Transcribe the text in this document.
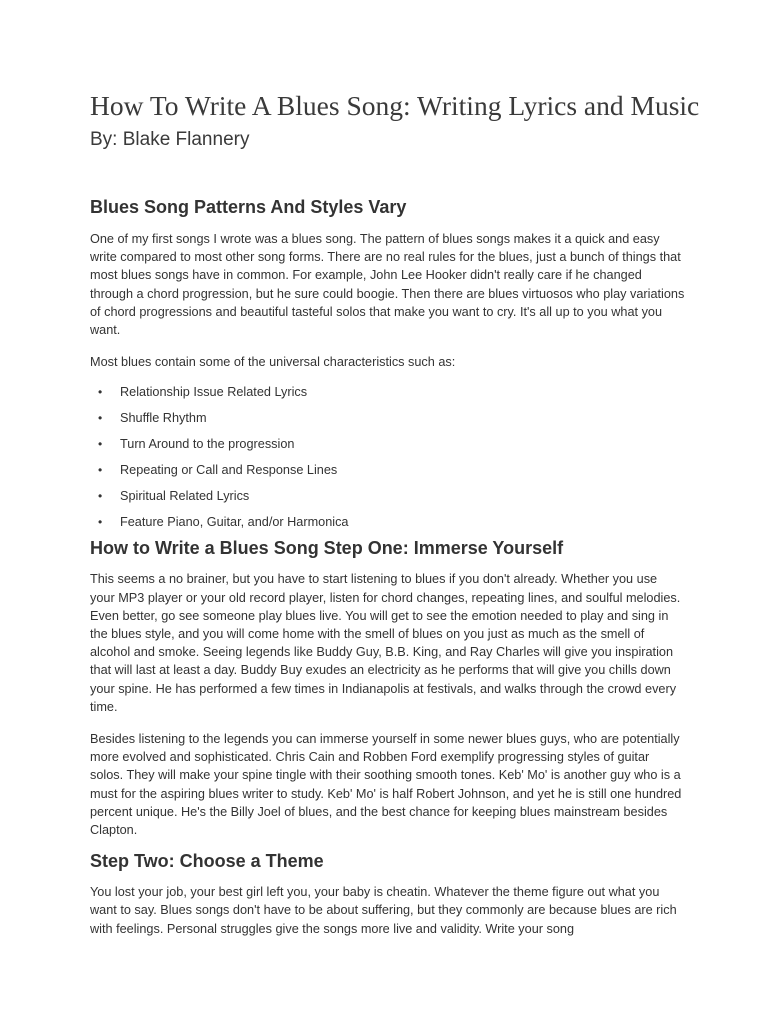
How To Write A Blues Song: Writing Lyrics and Music

By: Blake Flannery

Blues Song Patterns And Styles Vary

One of my first songs I wrote was a blues song. The pattern of blues songs makes it a quick and easy write compared to most other song forms. There are no real rules for the blues, just a bunch of things that most blues songs have in common. For example, John Lee Hooker didn't really care if he changed through a chord progression, but he sure could boogie. Then there are blues virtuosos who play variations of chord progressions and beautiful tasteful solos that make you want to cry. It's all up to you what you want.

Most blues contain some of the universal characteristics such as:

• Relationship Issue Related Lyrics
• Shuffle Rhythm
• Turn Around to the progression
• Repeating or Call and Response Lines
• Spiritual Related Lyrics
• Feature Piano, Guitar, and/or Harmonica
How to Write a Blues Song Step One: Immerse Yourself

This seems a no brainer, but you have to start listening to blues if you don't already. Whether you use your MP3 player or your old record player, listen for chord changes, repeating lines, and soulful melodies. Even better, go see someone play blues live. You will get to see the emotion needed to play and sing in the blues style, and you will come home with the smell of blues on you just as much as the smell of alcohol and smoke. Seeing legends like Buddy Guy, B.B. King, and Ray Charles will give you inspiration that will last at least a day. Buddy Buy exudes an electricity as he performs that will give you chills down your spine. He has performed a few times in Indianapolis at festivals, and walks through the crowd every time.

Besides listening to the legends you can immerse yourself in some newer blues guys, who are potentially more evolved and sophisticated. Chris Cain and Robben Ford exemplify progressing styles of guitar solos. They will make your spine tingle with their soothing smooth tones. Keb' Mo' is another guy who is a must for the aspiring blues writer to study. Keb' Mo' is half Robert Johnson, and yet he is still one hundred percent unique. He's the Billy Joel of blues, and the best chance for keeping blues mainstream besides Clapton.

Step Two: Choose a Theme

You lost your job, your best girl left you, your baby is cheatin. Whatever the theme figure out what you want to say. Blues songs don't have to be about suffering, but they commonly are because blues are rich with feelings. Personal struggles give the songs more live and validity. Write your song
